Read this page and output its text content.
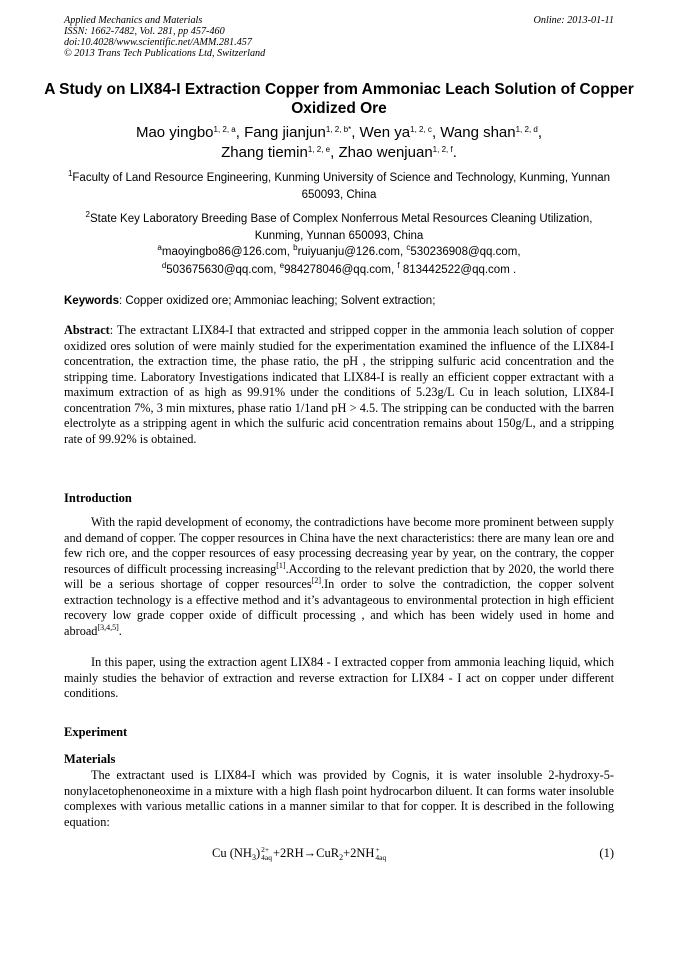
Applied Mechanics and Materials
ISSN: 1662-7482, Vol. 281, pp 457-460
doi:10.4028/www.scientific.net/AMM.281.457
© 2013 Trans Tech Publications Ltd, Switzerland
Online: 2013-01-11
A Study on LIX84-I Extraction Copper from Ammoniac Leach Solution of Copper Oxidized Ore
Mao yingbo$^{1, 2, a}$, Fang jianjun$^{1, 2, b*}$, Wen ya$^{1, 2, c}$, Wang shan$^{1, 2, d}$,
Zhang tiemin$^{1, 2, e}$, Zhao wenjuan$^{1, 2, f}$.
$^1$Faculty of Land Resource Engineering, Kunming University of Science and Technology, Kunming, Yunnan 650093, China
$^2$State Key Laboratory Breeding Base of Complex Nonferrous Metal Resources Cleaning Utilization, Kunming, Yunnan 650093, China
$^a$maoyingbo86@126.com, $^b$ruiyuanju@126.com, $^c$530236908@qq.com,
$^d$503675630@qq.com, $^e$984278046@qq.com, $^f$ 813442522@qq.com .
Keywords: Copper oxidized ore; Ammoniac leaching; Solvent extraction;
Abstract: The extractant LIX84-I that extracted and stripped copper in the ammonia leach solution of copper oxidized ores solution of were mainly studied for the experimentation examined the influence of the LIX84-I concentration, the extraction time, the phase ratio, the pH , the stripping sulfuric acid concentration and the stripping time. Laboratory Investigations indicated that LIX84-I is really an efficient copper extractant with a maximum extraction of as high as 99.91% under the conditions of 5.23g/L Cu in leach solution, LIX84-I concentration 7%, 3 min mixtures, phase ratio 1/1and pH > 4.5. The stripping can be conducted with the barren electrolyte as a stripping agent in which the sulfuric acid concentration remains about 150g/L, and a stripping rate of 99.92% is obtained.
Introduction
With the rapid development of economy, the contradictions have become more prominent between supply and demand of copper. The copper resources in China have the next characteristics: there are many lean ore and few rich ore, and the copper resources of easy processing decreasing year by year, on the contrary, the copper resources of difficult processing increasing[1].According to the relevant prediction that by 2020, the world there will be a serious shortage of copper resources[2].In order to solve the contradiction, the copper solvent extraction technology is a effective method and it’s advantageous to environmental protection in high efficient recovery low grade copper oxide of difficult processing , and which has been widely used in home and abroad[3,4,5].
In this paper, using the extraction agent LIX84 - I extracted copper from ammonia leaching liquid, which mainly studies the behavior of extraction and reverse extraction for LIX84 - I act on copper under different conditions.
Experiment
Materials
The extractant used is LIX84-I which was provided by Cognis, it is water insoluble 2-hydroxy-5-nonylacetophenoneoxime in a mixture with a high flash point hydrocarbon diluent. It can forms water insoluble complexes with various metallic cations in a manner similar to that for copper. It is described in the following equation:
Cu $(NH_3)$ 2+
4aq +2RH→CuR$_2$+2NH +
4aq	(1)
